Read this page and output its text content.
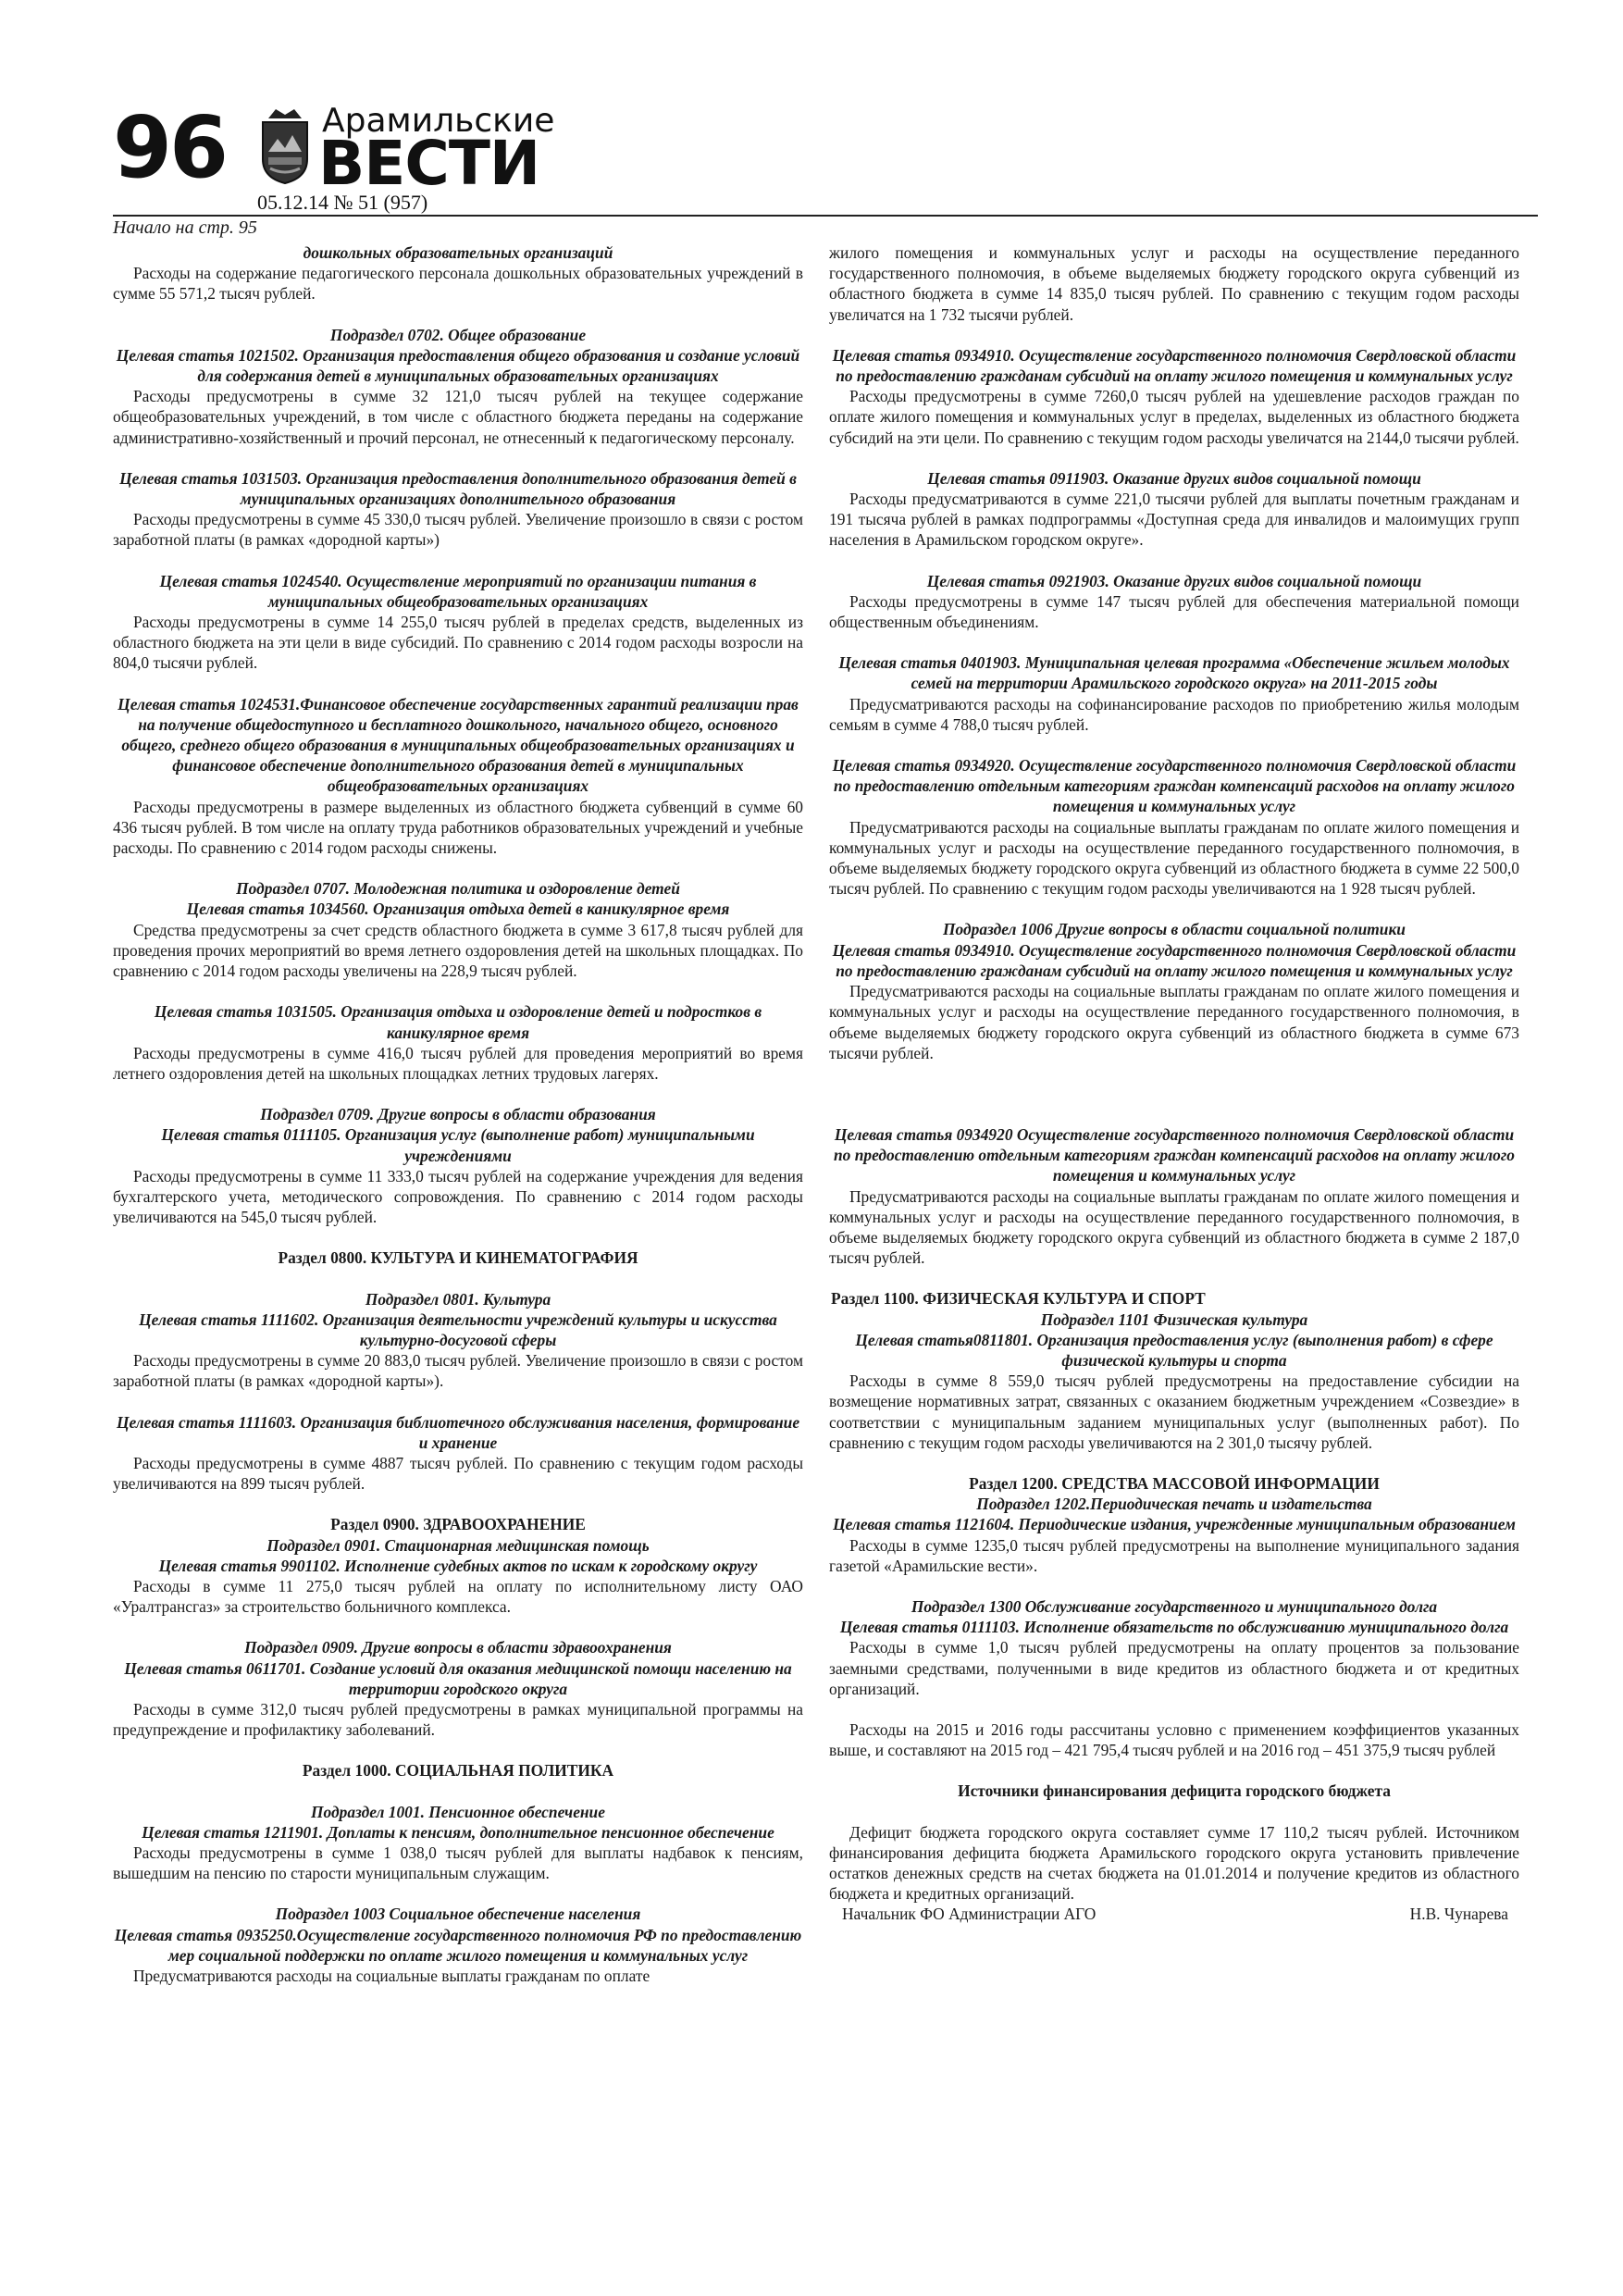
96	Арамильские
ВЕСТИ
05.12.14 № 51 (957)
Начало на стр. 95
дошкольных образовательных организаций
Расходы на содержание педагогического персонала дошкольных образовательных учреждений в сумме 55 571,2 тысяч рублей.
Подраздел 0702. Общее образование
Целевая статья 1021502. Организация предоставления общего образования и создание условий для содержания детей в муниципальных образовательных организациях
Расходы предусмотрены в сумме 32 121,0 тысяч рублей на текущее содержание общеобразовательных учреждений, в том числе с областного бюджета переданы на содержание административно-хозяйственный и прочий персонал, не отнесенный к педагогическому персоналу.
Целевая статья 1031503. Организация предоставления дополнительного образования детей в муниципальных организациях дополнительного образования
Расходы предусмотрены в сумме 45 330,0 тысяч рублей. Увеличение произошло в связи с ростом заработной платы (в рамках «дородной карты»)
Целевая статья 1024540. Осуществление мероприятий по организации питания в муниципальных общеобразовательных организациях
Расходы предусмотрены в сумме 14 255,0 тысяч рублей в пределах средств, выделенных из областного бюджета на эти цели в виде субсидий. По сравнению с 2014 годом расходы возросли на 804,0 тысячи рублей.
Целевая статья 1024531.Финансовое обеспечение государственных гарантий реализации прав на получение общедоступного и бесплатного дошкольного, начального общего, основного общего, среднего общего образования в муниципальных общеобразовательных организациях и финансовое обеспечение дополнительного образования детей в муниципальных общеобразовательных организациях
Расходы предусмотрены в размере выделенных из областного бюджета субвенций в сумме 60 436 тысяч рублей. В том числе на оплату труда работников образовательных учреждений и учебные расходы. По сравнению с 2014 годом расходы снижены.
Подраздел 0707. Молодежная политика и оздоровление детей
Целевая статья 1034560. Организация отдыха детей в каникулярное время
Средства предусмотрены за счет средств областного бюджета в сумме 3 617,8 тысяч рублей для проведения прочих мероприятий во время летнего оздоровления детей на школьных площадках. По сравнению с 2014 годом расходы увеличены на 228,9 тысяч рублей.
Целевая статья 1031505. Организация отдыха и оздоровление детей и подростков в каникулярное время
Расходы предусмотрены в сумме 416,0 тысяч рублей для проведения мероприятий во время летнего оздоровления детей на школьных площадках летних трудовых лагерях.
Подраздел 0709. Другие вопросы в области образования
Целевая статья 0111105. Организация услуг (выполнение работ) муниципальными учреждениями
Расходы предусмотрены в сумме 11 333,0 тысяч рублей на содержание учреждения для ведения бухгалтерского учета, методического сопровождения. По сравнению с 2014 годом расходы увеличиваются на 545,0 тысяч рублей.
Раздел 0800. КУЛЬТУРА И КИНЕМАТОГРАФИЯ
Подраздел 0801. Культура
Целевая статья 1111602. Организация деятельности учреждений культуры и искусства культурно-досуговой сферы
Расходы предусмотрены в сумме 20 883,0 тысяч рублей. Увеличение произошло в связи с ростом заработной платы (в рамках «дородной карты»).
Целевая статья 1111603. Организация библиотечного обслуживания населения, формирование и хранение
Расходы предусмотрены в сумме 4887 тысяч рублей. По сравнению с текущим годом расходы увеличиваются на 899 тысяч рублей.
Раздел 0900. ЗДРАВООХРАНЕНИЕ
Подраздел 0901. Стационарная медицинская помощь
Целевая статья 9901102. Исполнение судебных актов по искам к городскому округу
Расходы в сумме 11 275,0 тысяч рублей на оплату по исполнительному листу ОАО «Уралтрансгаз» за строительство больничного комплекса.
Подраздел 0909. Другие вопросы в области здравоохранения
Целевая статья 0611701. Создание условий для оказания медицинской помощи населению на территории городского округа
Расходы в сумме 312,0 тысяч рублей предусмотрены в рамках муниципальной программы на предупреждение и профилактику заболеваний.
Раздел 1000. СОЦИАЛЬНАЯ ПОЛИТИКА
Подраздел 1001. Пенсионное обеспечение
Целевая статья 1211901. Доплаты к пенсиям, дополнительное пенсионное обеспечение
Расходы предусмотрены в сумме 1 038,0 тысяч рублей для выплаты надбавок к пенсиям, вышедшим на пенсию по старости муниципальным служащим.
Подраздел 1003 Социальное обеспечение населения
Целевая статья 0935250.Осуществление государственного полномочия РФ по предоставлению мер социальной поддержки по оплате жилого помещения и коммунальных услуг
Предусматриваются расходы на социальные выплаты гражданам по оплате
жилого помещения и коммунальных услуг и расходы на осуществление переданного государственного полномочия, в объеме выделяемых бюджету городского округа субвенций из областного бюджета в сумме 14 835,0 тысяч рублей. По сравнению с текущим годом расходы увеличатся на 1 732 тысячи рублей.
Целевая статья 0934910. Осуществление государственного полномочия Свердловской области по предоставлению гражданам субсидий на оплату жилого помещения и коммунальных услуг
Расходы предусмотрены в сумме 7260,0 тысяч рублей на удешевление расходов граждан по оплате жилого помещения и коммунальных услуг в пределах, выделенных из областного бюджета субсидий на эти цели. По сравнению с текущим годом расходы увеличатся на 2144,0 тысячи рублей.
Целевая статья 0911903. Оказание других видов социальной помощи
Расходы предусматриваются в сумме 221,0 тысячи рублей для выплаты почетным гражданам и 191 тысяча рублей в рамках подпрограммы «Доступная среда для инвалидов и малоимущих групп населения в Арамильском городском округе».
Целевая статья 0921903. Оказание других видов социальной помощи
Расходы предусмотрены в сумме 147 тысяч рублей для обеспечения материальной помощи общественным объединениям.
Целевая статья 0401903. Муниципальная целевая программа «Обеспечение жильем молодых семей на территории Арамильского городского округа» на 2011-2015 годы
Предусматриваются расходы на софинансирование расходов по приобретению жилья молодым семьям в сумме 4 788,0 тысяч рублей.
Целевая статья 0934920. Осуществление государственного полномочия Свердловской области по предоставлению отдельным категориям граждан компенсаций расходов на оплату жилого помещения и коммунальных услуг
Предусматриваются расходы на социальные выплаты гражданам по оплате жилого помещения и коммунальных услуг и расходы на осуществление переданного государственного полномочия, в объеме выделяемых бюджету городского округа субвенций из областного бюджета в сумме 22 500,0 тысяч рублей. По сравнению с текущим годом расходы увеличиваются на 1 928 тысяч рублей.
Подраздел 1006 Другие вопросы в области социальной политики
Целевая статья 0934910. Осуществление государственного полномочия Свердловской области по предоставлению гражданам субсидий на оплату жилого помещения и коммунальных услуг
Предусматриваются расходы на социальные выплаты гражданам по оплате жилого помещения и коммунальных услуг и расходы на осуществление переданного государственного полномочия, в объеме выделяемых бюджету городского округа субвенций из областного бюджета в сумме 673 тысячи рублей.
Целевая статья 0934920 Осуществление государственного полномочия Свердловской области по предоставлению отдельным категориям граждан компенсаций расходов на оплату жилого помещения и коммунальных услуг
Предусматриваются расходы на социальные выплаты гражданам по оплате жилого помещения и коммунальных услуг и расходы на осуществление переданного государственного полномочия, в объеме выделяемых бюджету городского округа субвенций из областного бюджета в сумме 2 187,0 тысяч рублей.
Раздел 1100. ФИЗИЧЕСКАЯ КУЛЬТУРА И СПОРТ
Подраздел 1101 Физическая культура
Целевая статья0811801. Организация предоставления услуг (выполнения работ) в сфере физической культуры и спорта
Расходы в сумме 8 559,0 тысяч рублей предусмотрены на предоставление субсидии на возмещение нормативных затрат, связанных с оказанием бюджетным учреждением «Созвездие» в соответствии с муниципальным заданием муниципальных услуг (выполненных работ). По сравнению с текущим годом расходы увеличиваются на 2 301,0 тысячу рублей.
Раздел 1200. СРЕДСТВА МАССОВОЙ ИНФОРМАЦИИ
Подраздел 1202.Периодическая печать и издательства
Целевая статья 1121604. Периодические издания, учрежденные муниципальным образованием
Расходы в сумме 1235,0 тысяч рублей предусмотрены на выполнение муниципального задания газетой «Арамильские вести».
Подраздел 1300 Обслуживание государственного и муниципального долга
Целевая статья 0111103. Исполнение обязательств по обслуживанию муниципального долга
Расходы в сумме 1,0 тысяч рублей предусмотрены на оплату процентов за пользование заемными средствами, полученными в виде кредитов из областного бюджета и от кредитных организаций.
Расходы на 2015 и 2016 годы рассчитаны условно с применением коэффициентов указанных выше, и составляют на 2015 год – 421 795,4 тысяч рублей и на 2016 год – 451 375,9 тысяч рублей
Источники финансирования дефицита городского бюджета
Дефицит бюджета городского округа составляет сумме 17 110,2 тысяч рублей. Источником финансирования дефицита бюджета Арамильского городского округа установить привлечение остатков денежных средств на счетах бюджета на 01.01.2014 и получение кредитов из областного бюджета и кредитных организаций.
Начальник ФО Администрации АГО	Н.В. Чунарева
